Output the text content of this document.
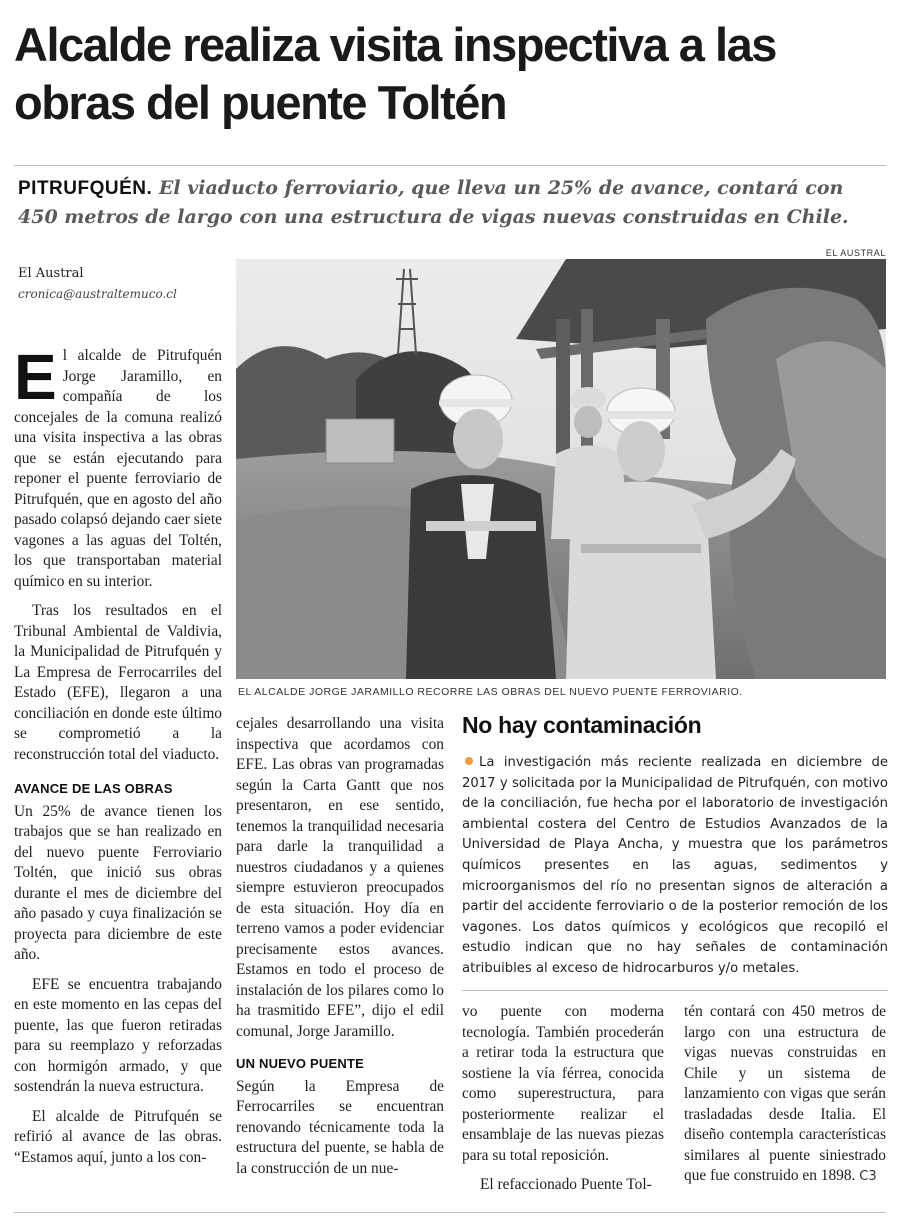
Alcalde realiza visita inspectiva a las obras del puente Toltén

PITRUFQUÉN. El viaducto ferroviario, que lleva un 25% de avance, contará con 450 metros de largo con una estructura de vigas nuevas construidas en Chile.

El Austral
cronica@australtemuco.cl
EL AUSTRAL
EL ALCALDE JORGE JARAMILLO RECORRE LAS OBRAS DEL NUEVO PUENTE FERROVIARIO.

El alcalde de Pitrufquén Jorge Jaramillo, en compañía de los concejales de la comuna realizó una visita inspectiva a las obras que se están ejecutando para reponer el puente ferroviario de Pitrufquén, que en agosto del año pasado colapsó dejando caer siete vagones a las aguas del Toltén, los que transportaban material químico en su interior.

Tras los resultados en el Tribunal Ambiental de Valdivia, la Municipalidad de Pitrufquén y La Empresa de Ferrocarriles del Estado (EFE), llegaron a una conciliación en donde este último se comprometió a la reconstrucción total del viaducto.

AVANCE DE LAS OBRAS

Un 25% de avance tienen los trabajos que se han realizado en del nuevo puente Ferroviario Toltén, que inició sus obras durante el mes de diciembre del año pasado y cuya finalización se proyecta para diciembre de este año.

EFE se encuentra trabajando en este momento en las cepas del puente, las que fueron retiradas para su reemplazo y reforzadas con hormigón armado, y que sostendrán la nueva estructura.

El alcalde de Pitrufquén se refirió al avance de las obras. “Estamos aquí, junto a los con-

cejales desarrollando una visita inspectiva que acordamos con EFE. Las obras van programadas según la Carta Gantt que nos presentaron, en ese sentido, tenemos la tranquilidad necesaria para darle la tranquilidad a nuestros ciudadanos y a quienes siempre estuvieron preocupados de esta situación. Hoy día en terreno vamos a poder evidenciar precisamente estos avances. Estamos en todo el proceso de instalación de los pilares como lo ha trasmitido EFE”, dijo el edil comunal, Jorge Jaramillo.

UN NUEVO PUENTE

Según la Empresa de Ferrocarriles se encuentran renovando técnicamente toda la estructura del puente, se habla de la construcción de un nue-

No hay contaminación
La investigación más reciente realizada en diciembre de 2017 y solicitada por la Municipalidad de Pitrufquén, con motivo de la conciliación, fue hecha por el laboratorio de investigación ambiental costera del Centro de Estudios Avanzados de la Universidad de Playa Ancha, y muestra que los parámetros químicos presentes en las aguas, sedimentos y microorganismos del río no presentan signos de alteración a partir del accidente ferroviario o de la posterior remoción de los vagones. Los datos químicos y ecológicos que recopiló el estudio indican que no hay señales de contaminación atribuibles al exceso de hidrocarburos y/o metales.

vo puente con moderna tecnología. También procederán a retirar toda la estructura que sostiene la vía férrea, conocida como superestructura, para posteriormente realizar el ensamblaje de las nuevas piezas para su total reposición.

El refaccionado Puente Tol-

tén contará con 450 metros de largo con una estructura de vigas nuevas construidas en Chile y un sistema de lanzamiento con vigas que serán trasladadas desde Italia. El diseño contempla características similares al puente siniestrado que fue construido en 1898. C3
